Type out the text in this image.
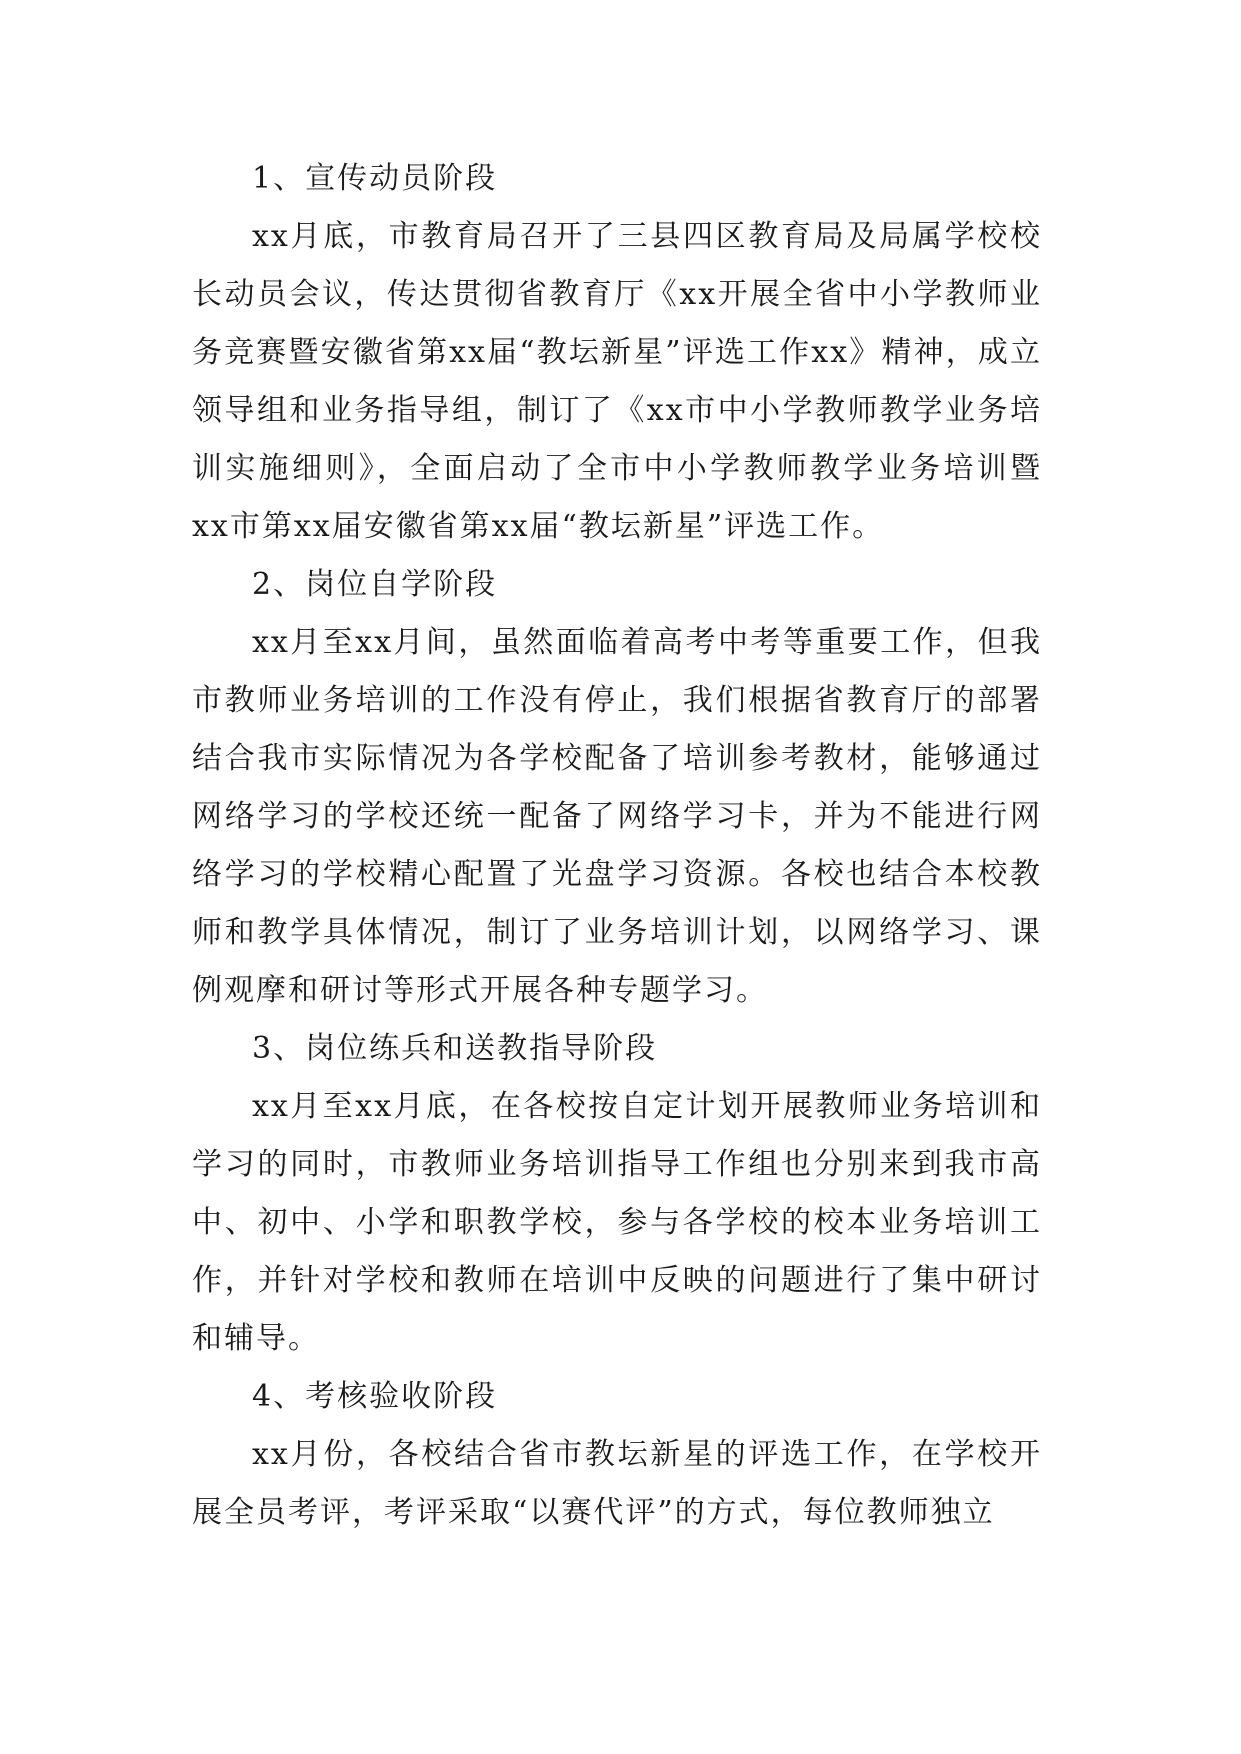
1、宣传动员阶段

xx月底，市教育局召开了三县四区教育局及局属学校校长动员会议，传达贯彻省教育厅《xx开展全省中小学教师业务竞赛暨安徽省第xx届“教坛新星”评选工作xx》精神，成立领导组和业务指导组，制订了《xx市中小学教师教学业务培训实施细则》，全面启动了全市中小学教师教学业务培训暨xx市第xx届安徽省第xx届“教坛新星”评选工作。

2、岗位自学阶段

xx月至xx月间，虽然面临着高考中考等重要工作，但我市教师业务培训的工作没有停止，我们根据省教育厅的部署结合我市实际情况为各学校配备了培训参考教材，能够通过网络学习的学校还统一配备了网络学习卡，并为不能进行网络学习的学校精心配置了光盘学习资源。各校也结合本校教师和教学具体情况，制订了业务培训计划，以网络学习、课例观摩和研讨等形式开展各种专题学习。

3、岗位练兵和送教指导阶段

xx月至xx月底，在各校按自定计划开展教师业务培训和学习的同时，市教师业务培训指导工作组也分别来到我市高中、初中、小学和职教学校，参与各学校的校本业务培训工作，并针对学校和教师在培训中反映的问题进行了集中研讨和辅导。

4、考核验收阶段

xx月份，各校结合省市教坛新星的评选工作，在学校开展全员考评，考评采取“以赛代评”的方式，每位教师独立
